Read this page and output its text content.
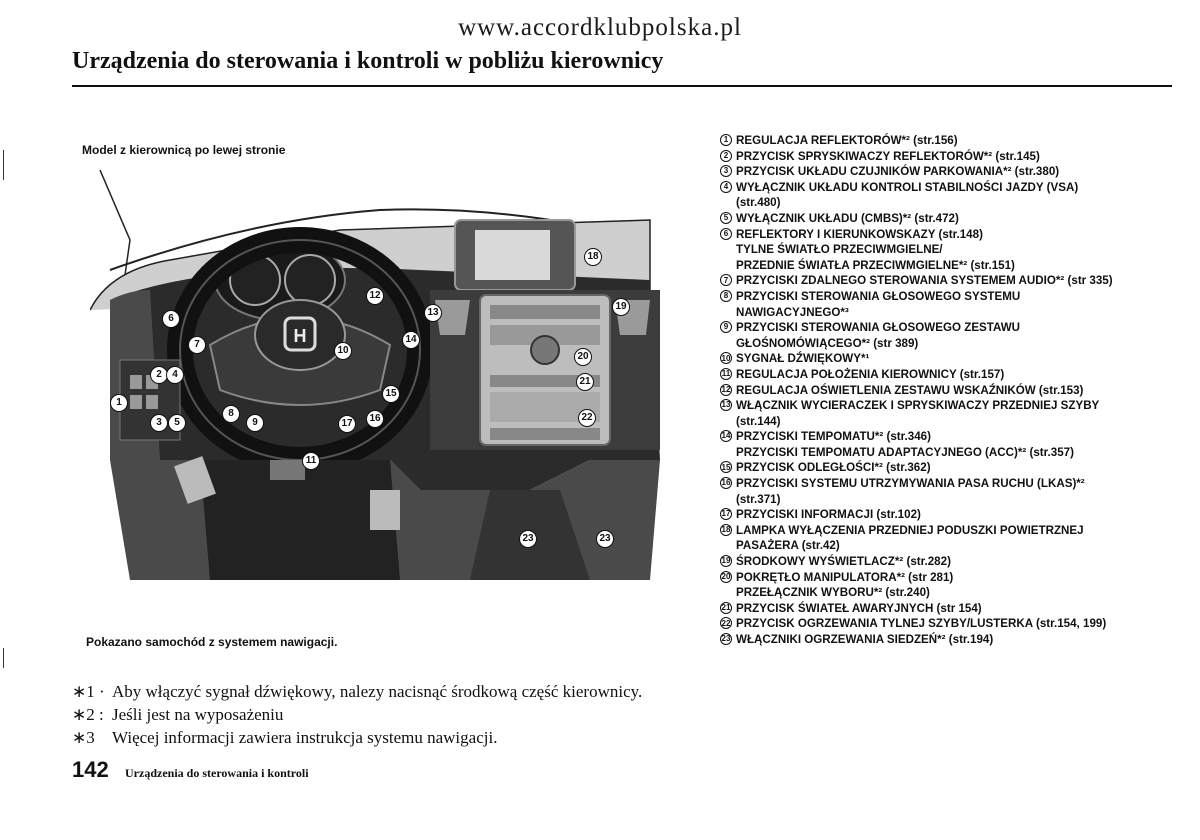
www.accordklubpolska.pl
Urządzenia do sterowania i kontroli w pobliżu kierownicy
Model z kierownicą po lewej stronie
H
1
2
3
4
5
6
7
8
9
10
11
12
13
14
15
16
17
18
19
20
21
22
23	23
Pokazano samochód z systemem nawigacji.
1 REGULACJA REFLEKTORÓW*² (str.156)
2 PRZYCISK SPRYSKIWACZY REFLEKTORÓW*² (str.145)
3 PRZYCISK UKŁADU CZUJNIKÓW PARKOWANIA*² (str.380)
4 WYŁĄCZNIK UKŁADU KONTROLI STABILNOŚCI JAZDY (VSA)
(str.480)
5 WYŁĄCZNIK UKŁADU (CMBS)*² (str.472)
6 REFLEKTORY I KIERUNKOWSKAZY (str.148)
TYLNE ŚWIATŁO PRZECIWMGIELNE/
PRZEDNIE ŚWIATŁA PRZECIWMGIELNE*² (str.151)
7 PRZYCISKI ZDALNEGO STEROWANIA SYSTEMEM AUDIO*² (str 335)
8 PRZYCISKI STEROWANIA GŁOSOWEGO SYSTEMU
NAWIGACYJNEGO*³
9 PRZYCISKI STEROWANIA GŁOSOWEGO ZESTAWU
GŁOŚNOMÓWIĄCEGO*² (str 389)
10 SYGNAŁ DŹWIĘKOWY*¹
11 REGULACJA POŁOŻENIA KIEROWNICY (str.157)
12 REGULACJA OŚWIETLENIA ZESTAWU WSKAŹNIKÓW (str.153)
13 WŁĄCZNIK WYCIERACZEK I SPRYSKIWACZY PRZEDNIEJ SZYBY
(str.144)
14 PRZYCISKI TEMPOMATU*² (str.346)
PRZYCISKI TEMPOMATU ADAPTACYJNEGO (ACC)*² (str.357)
15 PRZYCISK ODLEGŁOŚCI*² (str.362)
16 PRZYCISKI SYSTEMU UTRZYMYWANIA PASA RUCHU (LKAS)*²
(str.371)
17 PRZYCISKI INFORMACJI (str.102)
18 LAMPKA WYŁĄCZENIA PRZEDNIEJ PODUSZKI POWIETRZNEJ
PASAŻERA (str.42)
19 ŚRODKOWY WYŚWIETLACZ*² (str.282)
20 POKRĘTŁO MANIPULATORA*² (str 281)
PRZEŁĄCZNIK WYBORU*² (str.240)
21 PRZYCISK ŚWIATEŁ AWARYJNYCH (str 154)
22 PRZYCISK OGRZEWANIA TYLNEJ SZYBY/LUSTERKA (str.154, 199)
23 WŁĄCZNIKI OGRZEWANIA SIEDZEŃ*² (str.194)
∗1 · Aby włączyć sygnał dźwiękowy, nalezy nacisnąć środkową część kierownicy.
∗2 : Jeśli jest na wyposażeniu
∗3	Więcej informacji zawiera instrukcja systemu nawigacji.
142 Urządzenia do sterowania i kontroli
